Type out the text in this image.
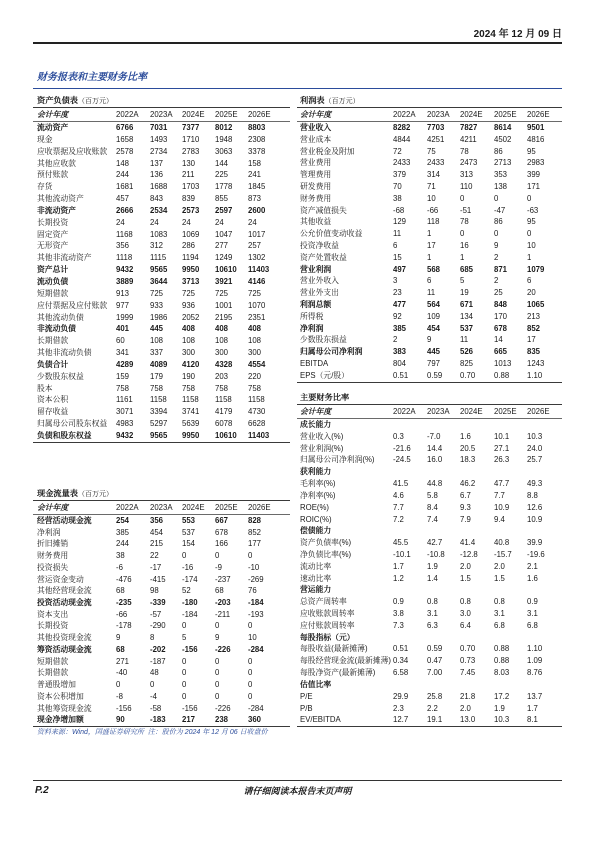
2024 年 12 月 09 日
财务报表和主要财务比率
资产负债表（百万元）
会计年度	2022A 2023A 2024E 2025E 2026E
流动资产	6766 7031 7377 8012 8803
现金	1658 1493 1710 1948 2308
应收票据及应收账款 2578 2734 2783 3063 3378
其他应收款	148	137 130	144	158
预付账款	244	136 211	225	241
存货	1681 1688 1703 1778 1845
其他流动资产	457	843 839	855	873
非流动资产	2666 2534 2573 2597 2600
长期投资	24	24	24	24	24
固定资产	1168 1083 1069 1047 1017
无形资产	356	312 286	277	257
其他非流动资产	1118 1115 1194 1249 1302
资产总计	9432 9565 9950 10610 11403
流动负债	3889 3644 3713 3921 4146
短期借款	913	725 725	725	725
应付票据及应付账款 977	933 936	1001 1070
其他流动负债	1999 1986 2052 2195 2351
非流动负债	401	445 408	408	408
长期借款	60	108 108	108	108
其他非流动负债	341	337 300	300	300
负债合计	4289 4089 4120 4328 4554
少数股东权益	159	179 190	203	220
股本	758	758 758	758	758
资本公积	1161 1158 1158 1158 1158
留存收益	3071 3394 3741 4179 4730
归属母公司股东权益 4983 5297 5639 6078 6628
负债和股东权益	9432 9565 9950 10610 11403
利润表（百万元）
会计年度	2022A 2023A 2024E 2025E 2026E
营业收入	8282 7703 7827 8614 9501
营业成本	4844 4251 4211 4502 4816
营业税金及附加	72	75	78	86	95
营业费用	2433 2433 2473 2713 2983
管理费用	379	314	313	353	399
研发费用	70	71	110	138	171
财务费用	38	10	0	0	0
资产减值损失	-68	-66	-51	-47	-63
其他收益	129	118	78	86	95
公允价值变动收益	11	1	0	0	0
投资净收益	6	17	16	9	10
资产处置收益	15	1	1	2	1
营业利润	497	568	685	871	1079
营业外收入	3	6	5	2	6
营业外支出	23	11	19	25	20
利润总额	477	564	671	848	1065
所得税	92	109	134	170	213
净利润	385	454	537	678	852
少数股东损益	2	9	11	14	17
归属母公司净利润	383	445	526	665	835
EBITDA	804	797	825	1013 1243
EPS（元/股）	0.51 0.59 0.70 0.88 1.10
主要财务比率
会计年度	2022A 2023A 2024E 2025E 2026E
成长能力
营业收入(%)	0.3	-7.0	1.6	10.1 10.3
营业利润(%)	-21.6 14.4 20.5 27.1 24.0
归属母公司净利润(%) -24.5 16.0 18.3 26.3 25.7
获利能力
毛利率(%)	41.5 44.8 46.2 47.7 49.3
净利率(%)	4.6	5.8	6.7	7.7	8.8
ROE(%)	7.7	8.4	9.3	10.9 12.6
ROIC(%)	7.2	7.4	7.9	9.4	10.9
偿债能力
资产负债率(%)	45.5 42.7 41.4 40.8 39.9
净负债比率(%)	-10.1 -10.8 -12.8 -15.7 -19.6
流动比率	1.7	1.9	2.0	2.0	2.1
速动比率	1.2	1.4	1.5	1.5	1.6
营运能力
总资产周转率	0.9	0.8	0.8	0.8	0.9
应收账款周转率	3.8	3.1	3.0	3.1	3.1
应付账款周转率	7.3	6.3	6.4	6.8	6.8
每股指标（元）
每股收益(最新摊薄)	0.51 0.59 0.70 0.88 1.10
每股经营现金流(最新摊薄) 0.34 0.47 0.73 0.88 1.09
每股净资产(最新摊薄) 6.58 7.00 7.45 8.03 8.76
估值比率
P/E	29.9 25.8 21.8 17.2 13.7
P/B	2.3	2.2	2.0	1.9	1.7
EV/EBITDA	12.7 19.1 13.0 10.3 8.1
现金流量表（百万元）
会计年度	2022A 2023A 2024E 2025E 2026E
经营活动现金流	254	356 553	667	828
净利润	385	454 537	678	852
折旧摊销	244	215 154	166	177
财务费用	38	22	0	0	0
投资损失	-6	-17	-16	-9	-10
营运资金变动	-476 -415 -174 -237 -269
其他经营现金流	68	98	52	68	76
投资活动现金流	-235 -339 -180 -203 -184
资本支出	-66	-57	-184 -211 -193
长期投资	-178 -290 0	0	0
其他投资现金流	9	8	5	9	10
筹资活动现金流	68	-202 -156 -226 -284
短期借款	271	-187 0	0	0
长期借款	-40	48	0	0	0
普通股增加	0	0	0	0	0
资本公积增加	-8	-4	0	0	0
其他筹资现金流	-156 -58	-156 -226 -284
现金净增加额	90	-183 217	238	360
资料来源：Wind，国盛证券研究所  注：股价为 2024 年 12 月 06 日收盘价
P.2	请仔细阅读本报告末页声明
